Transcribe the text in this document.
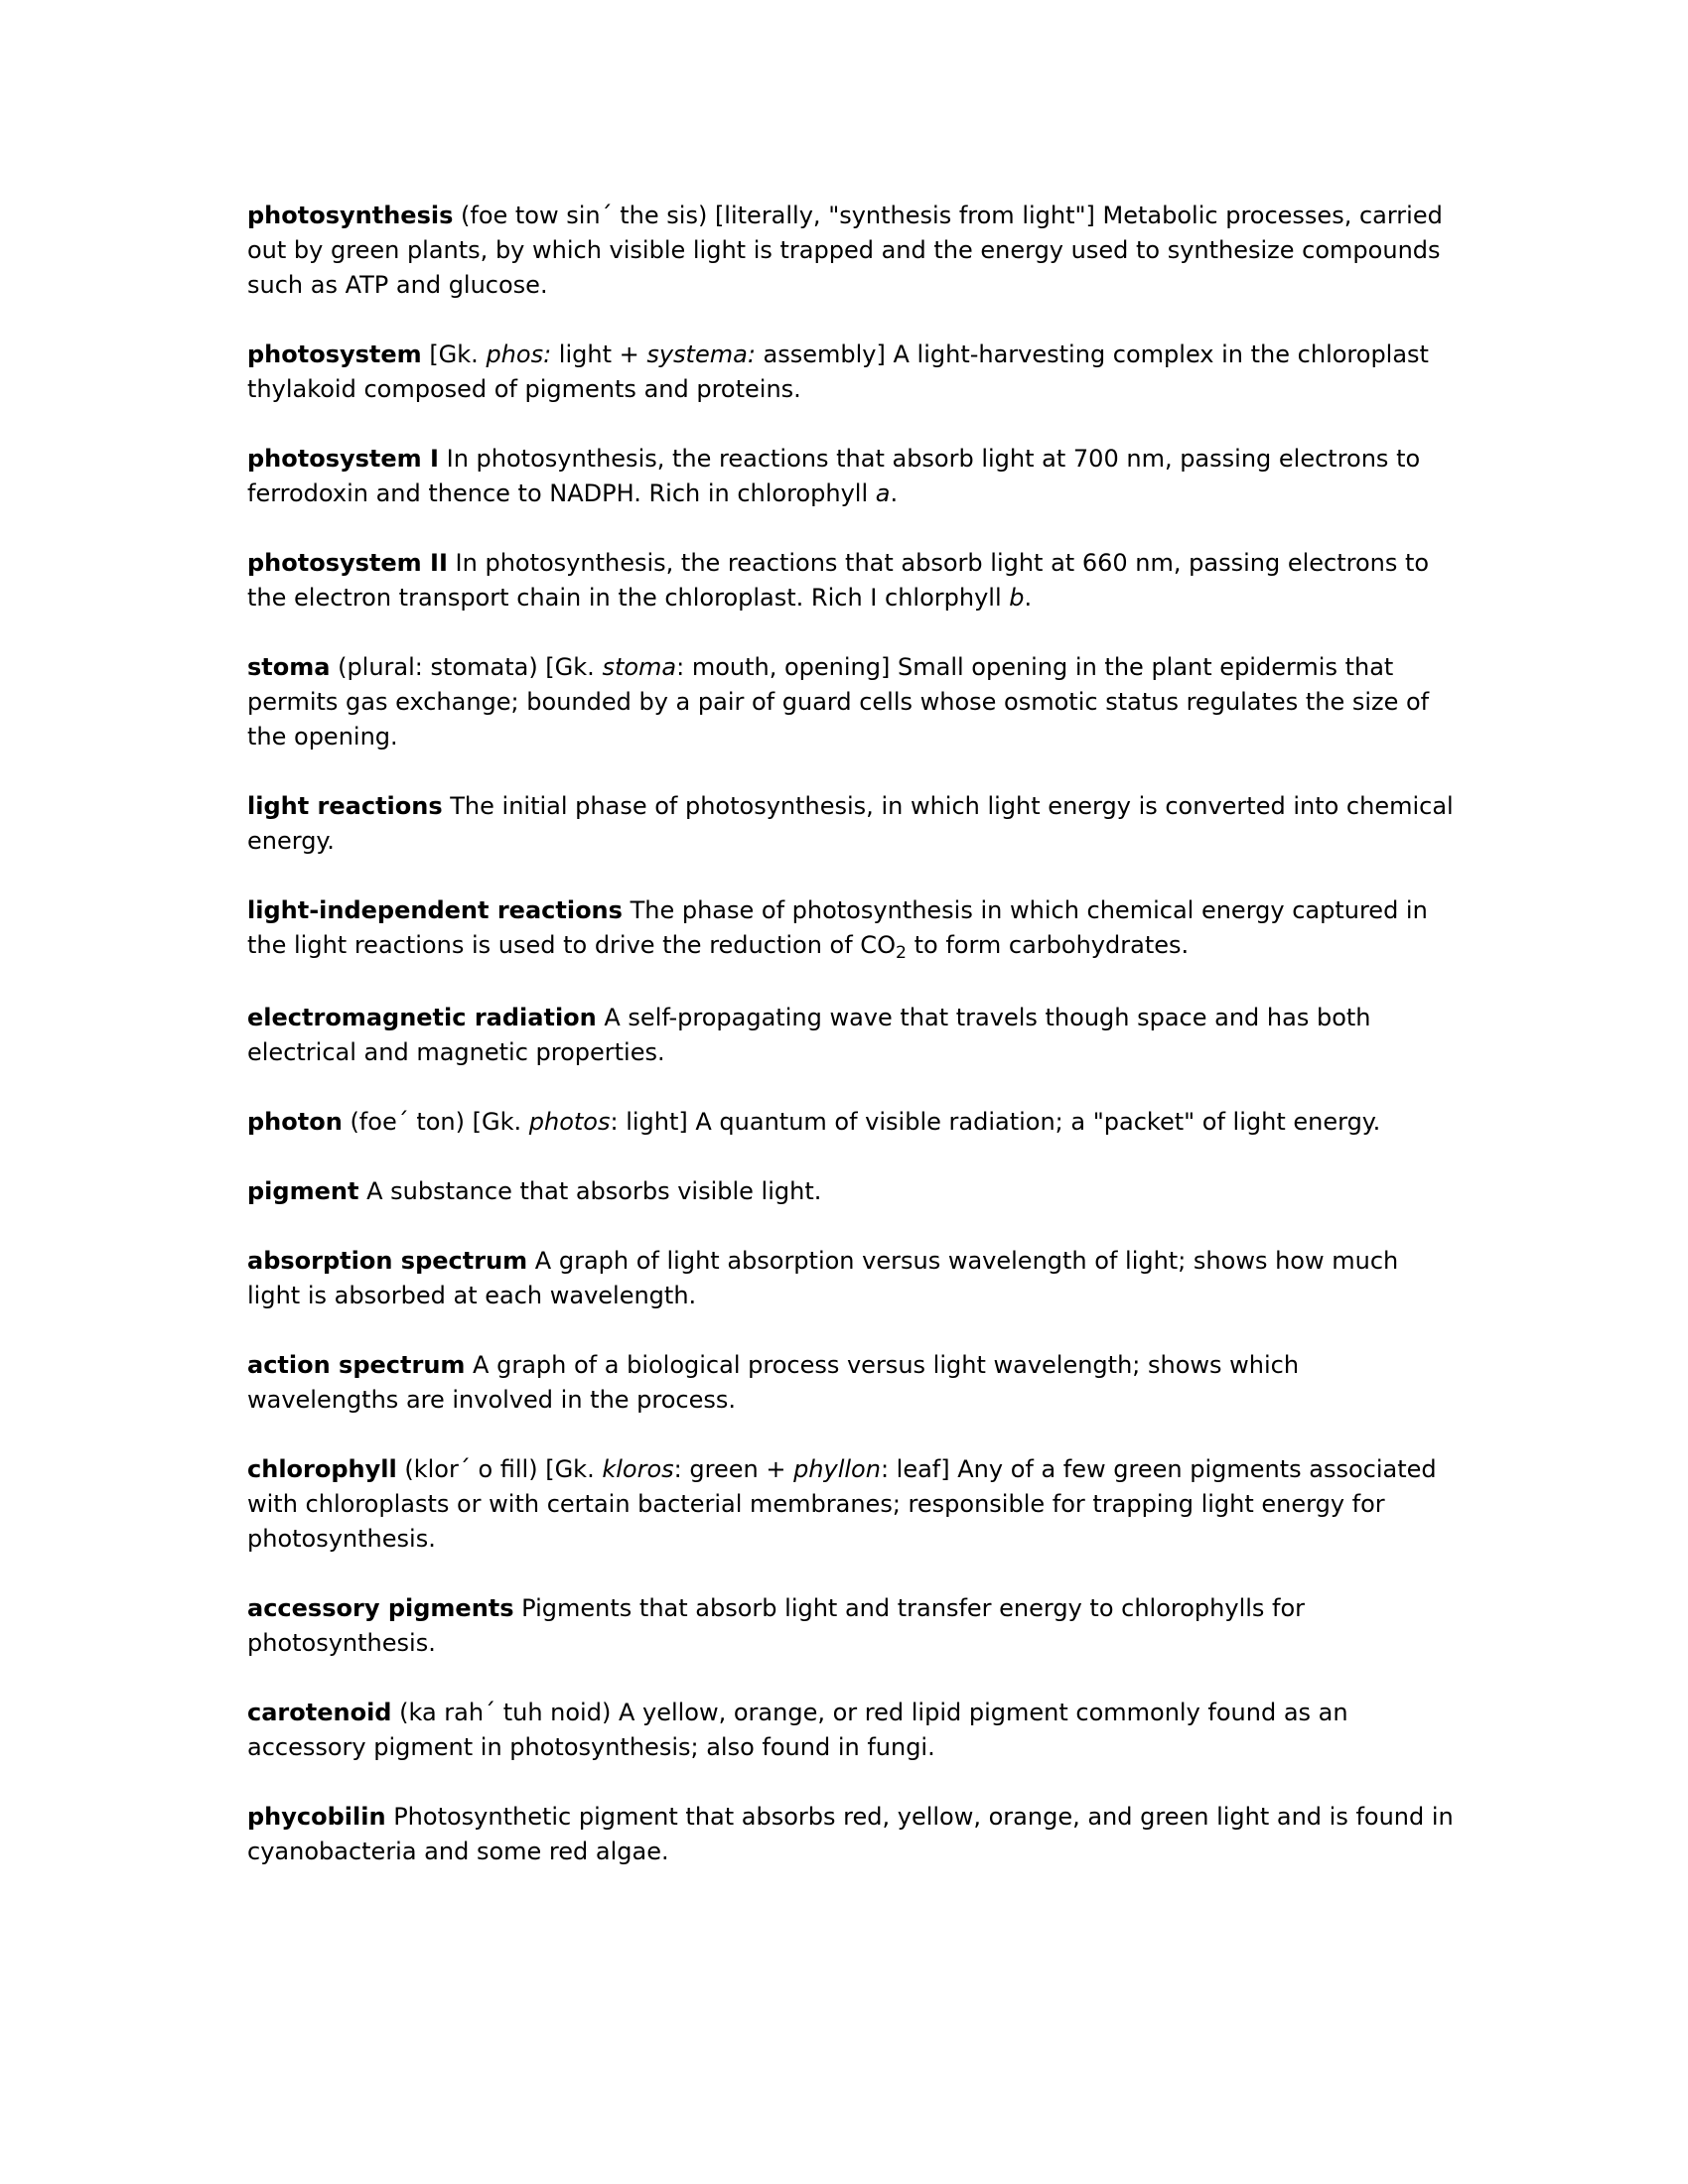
photosynthesis (foe tow sin´ the sis) [literally, "synthesis from light"] Metabolic processes, carried out by green plants, by which visible light is trapped and the energy used to synthesize compounds such as ATP and glucose.

photosystem [Gk. phos: light + systema: assembly] A light-harvesting complex in the chloroplast thylakoid composed of pigments and proteins.

photosystem I In photosynthesis, the reactions that absorb light at 700 nm, passing electrons to ferrodoxin and thence to NADPH. Rich in chlorophyll a.

photosystem II In photosynthesis, the reactions that absorb light at 660 nm, passing electrons to the electron transport chain in the chloroplast. Rich I chlorphyll b.

stoma (plural: stomata) [Gk. stoma: mouth, opening] Small opening in the plant epidermis that permits gas exchange; bounded by a pair of guard cells whose osmotic status regulates the size of the opening.

light reactions The initial phase of photosynthesis, in which light energy is converted into chemical energy.

light-independent reactions The phase of photosynthesis in which chemical energy captured in the light reactions is used to drive the reduction of $CO_2$ to form carbohydrates.

electromagnetic radiation A self-propagating wave that travels though space and has both electrical and magnetic properties.

photon (foe´ ton) [Gk. photos: light] A quantum of visible radiation; a "packet" of light energy.

pigment A substance that absorbs visible light.

absorption spectrum A graph of light absorption versus wavelength of light; shows how much light is absorbed at each wavelength.

action spectrum A graph of a biological process versus light wavelength; shows which wavelengths are involved in the process.

chlorophyll (klor´ o fill) [Gk. kloros: green + phyllon: leaf] Any of a few green pigments associated with chloroplasts or with certain bacterial membranes; responsible for trapping light energy for photosynthesis.

accessory pigments Pigments that absorb light and transfer energy to chlorophylls for photosynthesis.

carotenoid (ka rah´ tuh noid) A yellow, orange, or red lipid pigment commonly found as an accessory pigment in photosynthesis; also found in fungi.

phycobilin Photosynthetic pigment that absorbs red, yellow, orange, and green light and is found in cyanobacteria and some red algae.
